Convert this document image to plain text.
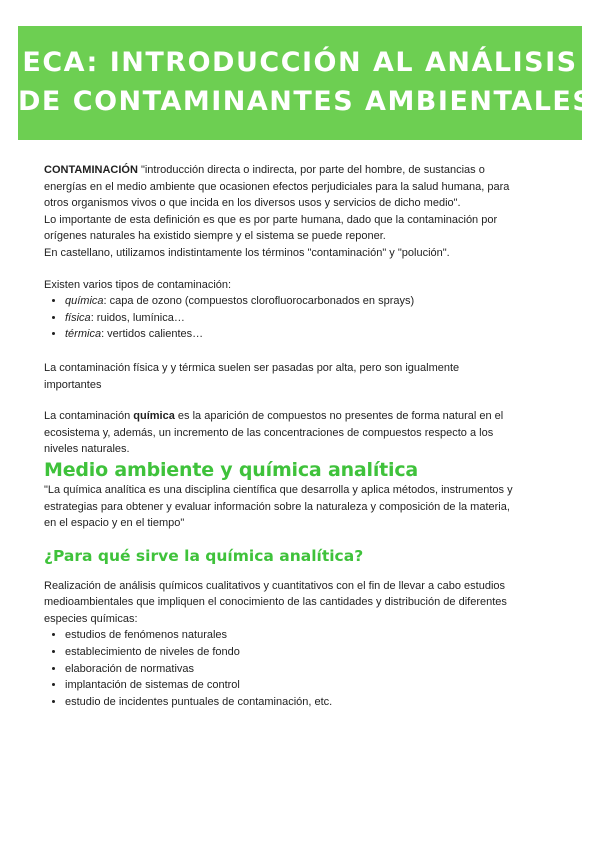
ECA: INTRODUCCIÓN AL ANÁLISIS
DE CONTAMINANTES AMBIENTALES

CONTAMINACIÓN "introducción directa o indirecta, por parte del hombre, de sustancias o energías en el medio ambiente que ocasionen efectos perjudiciales para la salud humana, para otros organismos vivos o que incida en los diversos usos y servicios de dicho medio".

Lo importante de esta definición es que es por parte humana, dado que la contaminación por orígenes naturales ha existido siempre y el sistema se puede reponer.

En castellano, utilizamos indistintamente los términos "contaminación" y "polución".

Existen varios tipos de contaminación:

• química: capa de ozono (compuestos clorofluorocarbonados en sprays)
• física: ruidos, lumínica…
• térmica: vertidos calientes…

La contaminación física y y térmica suelen ser pasadas por alta, pero son igualmente importantes

La contaminación química es la aparición de compuestos no presentes de forma natural en el ecosistema y, además, un incremento de las concentraciones de compuestos respecto a los niveles naturales.

Medio ambiente y química analítica

"La química analítica es una disciplina científica que desarrolla y aplica métodos, instrumentos y estrategias para obtener y evaluar información sobre la naturaleza y composición de la materia, en el espacio y en el tiempo"

¿Para qué sirve la química analítica?

Realización de análisis químicos cualitativos y cuantitativos con el fin de llevar a cabo estudios medioambientales que impliquen el conocimiento de las cantidades y distribución de diferentes especies químicas:

• estudios de fenómenos naturales
• establecimiento de niveles de fondo
• elaboración de normativas
• implantación de sistemas de control
• estudio de incidentes puntuales de contaminación, etc.
